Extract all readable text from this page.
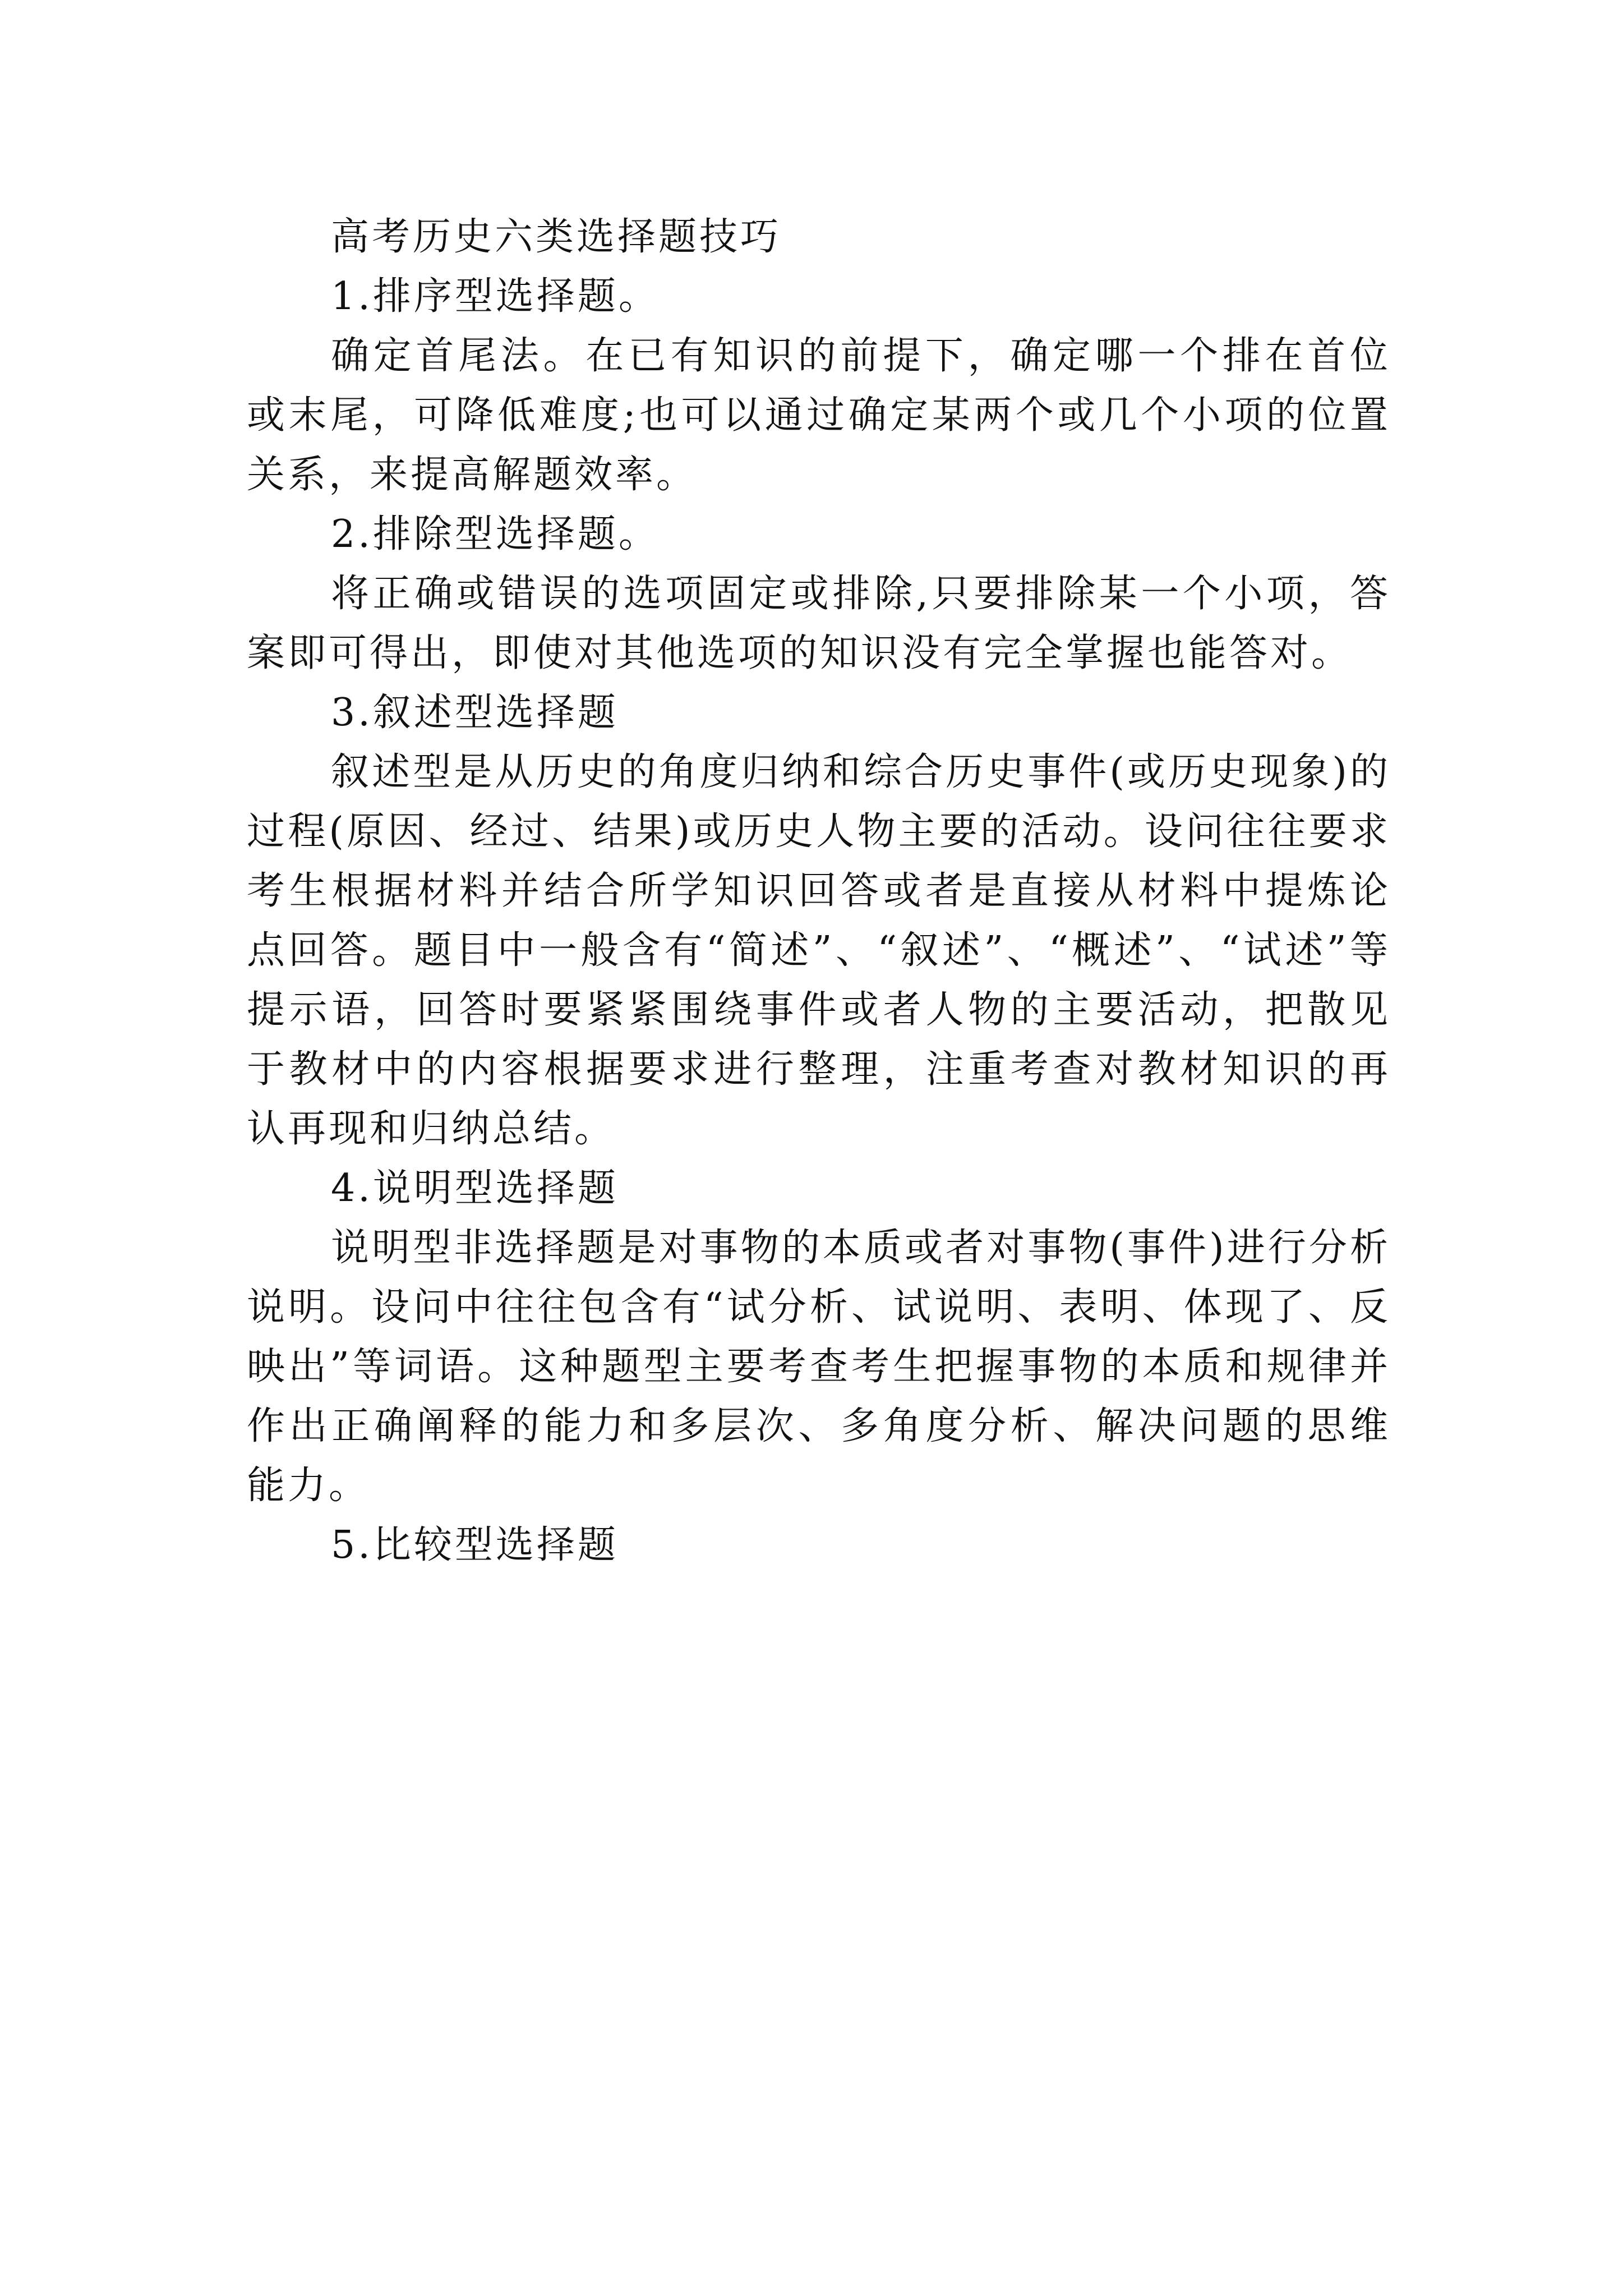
高考历史六类选择题技巧

1.排序型选择题。

确定首尾法。在已有知识的前提下，确定哪一个排在首位或末尾，可降低难度;也可以通过确定某两个或几个小项的位置关系，来提高解题效率。

2.排除型选择题。

将正确或错误的选项固定或排除,只要排除某一个小项，答案即可得出，即使对其他选项的知识没有完全掌握也能答对。

3.叙述型选择题

叙述型是从历史的角度归纳和综合历史事件(或历史现象)的过程(原因、经过、结果)或历史人物主要的活动。设问往往要求考生根据材料并结合所学知识回答或者是直接从材料中提炼论点回答。题目中一般含有“简述”、“叙述”、“概述”、“试述”等提示语，回答时要紧紧围绕事件或者人物的主要活动，把散见于教材中的内容根据要求进行整理，注重考查对教材知识的再认再现和归纳总结。

4.说明型选择题

说明型非选择题是对事物的本质或者对事物(事件)进行分析说明。设问中往往包含有“试分析、试说明、表明、体现了、反映出”等词语。这种题型主要考查考生把握事物的本质和规律并作出正确阐释的能力和多层次、多角度分析、解决问题的思维能力。

5.比较型选择题
